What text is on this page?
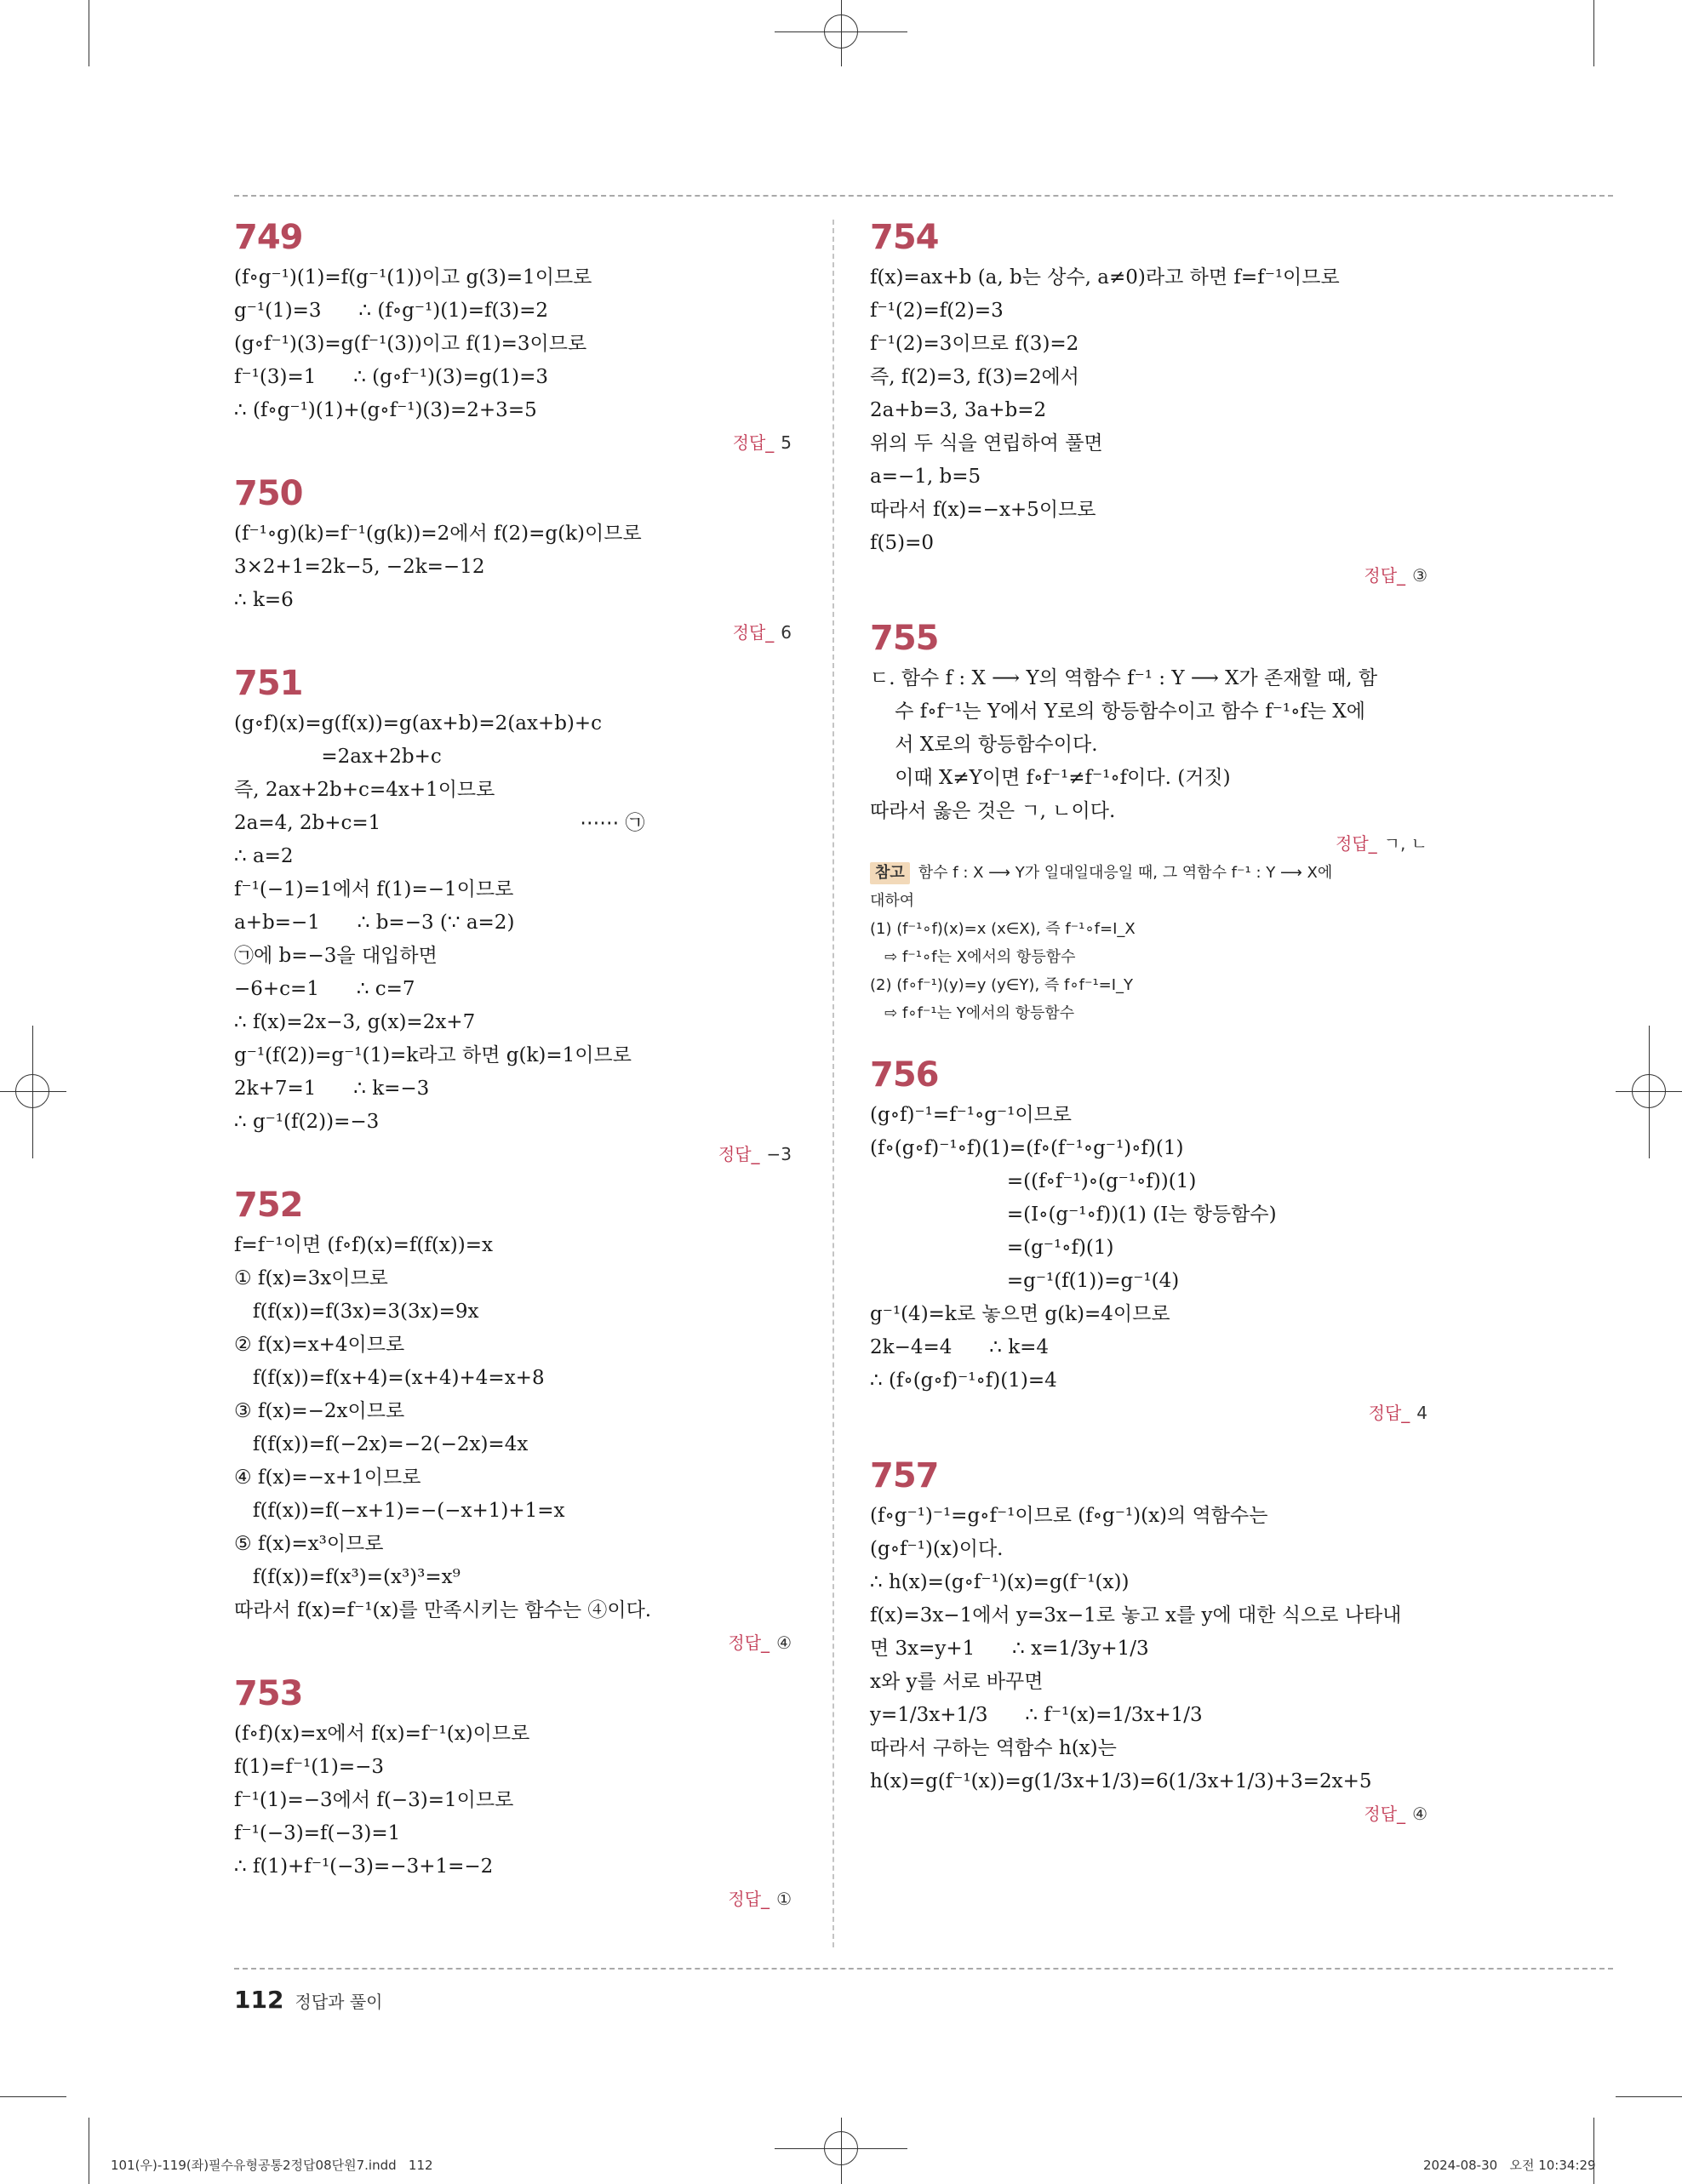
749
(f∘g⁻¹)(1)=f(g⁻¹(1))이고 g(3)=1이므로
g⁻¹(1)=3      ∴ (f∘g⁻¹)(1)=f(3)=2
(g∘f⁻¹)(3)=g(f⁻¹(3))이고 f(1)=3이므로
f⁻¹(3)=1      ∴ (g∘f⁻¹)(3)=g(1)=3
∴ (f∘g⁻¹)(1)+(g∘f⁻¹)(3)=2+3=5
정답_ 5
750
(f⁻¹∘g)(k)=f⁻¹(g(k))=2에서 f(2)=g(k)이므로
3×2+1=2k−5, −2k=−12
∴ k=6
정답_ 6
751
(g∘f)(x)=g(f(x))=g(ax+b)=2(ax+b)+c
=2ax+2b+c
즉, 2ax+2b+c=4x+1이므로
2a=4, 2b+c=1                                ⋯⋯ ㉠
∴ a=2
f⁻¹(−1)=1에서 f(1)=−1이므로
a+b=−1      ∴ b=−3 (∵ a=2)
㉠에 b=−3을 대입하면
−6+c=1      ∴ c=7
∴ f(x)=2x−3, g(x)=2x+7
g⁻¹(f(2))=g⁻¹(1)=k라고 하면 g(k)=1이므로
2k+7=1      ∴ k=−3
∴ g⁻¹(f(2))=−3
정답_ −3
752
f=f⁻¹이면 (f∘f)(x)=f(f(x))=x
① f(x)=3x이므로
f(f(x))=f(3x)=3(3x)=9x
② f(x)=x+4이므로
f(f(x))=f(x+4)=(x+4)+4=x+8
③ f(x)=−2x이므로
f(f(x))=f(−2x)=−2(−2x)=4x
④ f(x)=−x+1이므로
f(f(x))=f(−x+1)=−(−x+1)+1=x
⑤ f(x)=x³이므로
f(f(x))=f(x³)=(x³)³=x⁹
따라서 f(x)=f⁻¹(x)를 만족시키는 함수는 ④이다.
정답_ ④
753
(f∘f)(x)=x에서 f(x)=f⁻¹(x)이므로
f(1)=f⁻¹(1)=−3
f⁻¹(1)=−3에서 f(−3)=1이므로
f⁻¹(−3)=f(−3)=1
∴ f(1)+f⁻¹(−3)=−3+1=−2
정답_ ①
754
f(x)=ax+b (a, b는 상수, a≠0)라고 하면 f=f⁻¹이므로
f⁻¹(2)=f(2)=3
f⁻¹(2)=3이므로 f(3)=2
즉, f(2)=3, f(3)=2에서
2a+b=3, 3a+b=2
위의 두 식을 연립하여 풀면
a=−1, b=5
따라서 f(x)=−x+5이므로
f(5)=0
정답_ ③
755
ㄷ. 함수 f : X ⟶ Y의 역함수 f⁻¹ : Y ⟶ X가 존재할 때, 함
수 f∘f⁻¹는 Y에서 Y로의 항등함수이고 함수 f⁻¹∘f는 X에
서 X로의 항등함수이다.
이때 X≠Y이면 f∘f⁻¹≠f⁻¹∘f이다. (거짓)
따라서 옳은 것은 ㄱ, ㄴ이다.
정답_ ㄱ, ㄴ
참고 함수 f : X ⟶ Y가 일대일대응일 때, 그 역함수 f⁻¹ : Y ⟶ X에
대하여
(1) (f⁻¹∘f)(x)=x (x∈X), 즉 f⁻¹∘f=I_X
⇨ f⁻¹∘f는 X에서의 항등함수
(2) (f∘f⁻¹)(y)=y (y∈Y), 즉 f∘f⁻¹=I_Y
⇨ f∘f⁻¹는 Y에서의 항등함수
756
(g∘f)⁻¹=f⁻¹∘g⁻¹이므로
(f∘(g∘f)⁻¹∘f)(1)=(f∘(f⁻¹∘g⁻¹)∘f)(1)
=((f∘f⁻¹)∘(g⁻¹∘f))(1)
=(I∘(g⁻¹∘f))(1) (I는 항등함수)
=(g⁻¹∘f)(1)
=g⁻¹(f(1))=g⁻¹(4)
g⁻¹(4)=k로 놓으면 g(k)=4이므로
2k−4=4      ∴ k=4
∴ (f∘(g∘f)⁻¹∘f)(1)=4
정답_ 4
757
(f∘g⁻¹)⁻¹=g∘f⁻¹이므로 (f∘g⁻¹)(x)의 역함수는
(g∘f⁻¹)(x)이다.
∴ h(x)=(g∘f⁻¹)(x)=g(f⁻¹(x))
f(x)=3x−1에서 y=3x−1로 놓고 x를 y에 대한 식으로 나타내
면 3x=y+1      ∴ x=1/3y+1/3
x와 y를 서로 바꾸면
y=1/3x+1/3      ∴ f⁻¹(x)=1/3x+1/3
따라서 구하는 역함수 h(x)는
h(x)=g(f⁻¹(x))=g(1/3x+1/3)=6(1/3x+1/3)+3=2x+5
정답_ ④
112 정답과 풀이
101(우)-119(좌)필수유형공통2정답08단원7.indd   112	2024-08-30   오전 10:34:29
